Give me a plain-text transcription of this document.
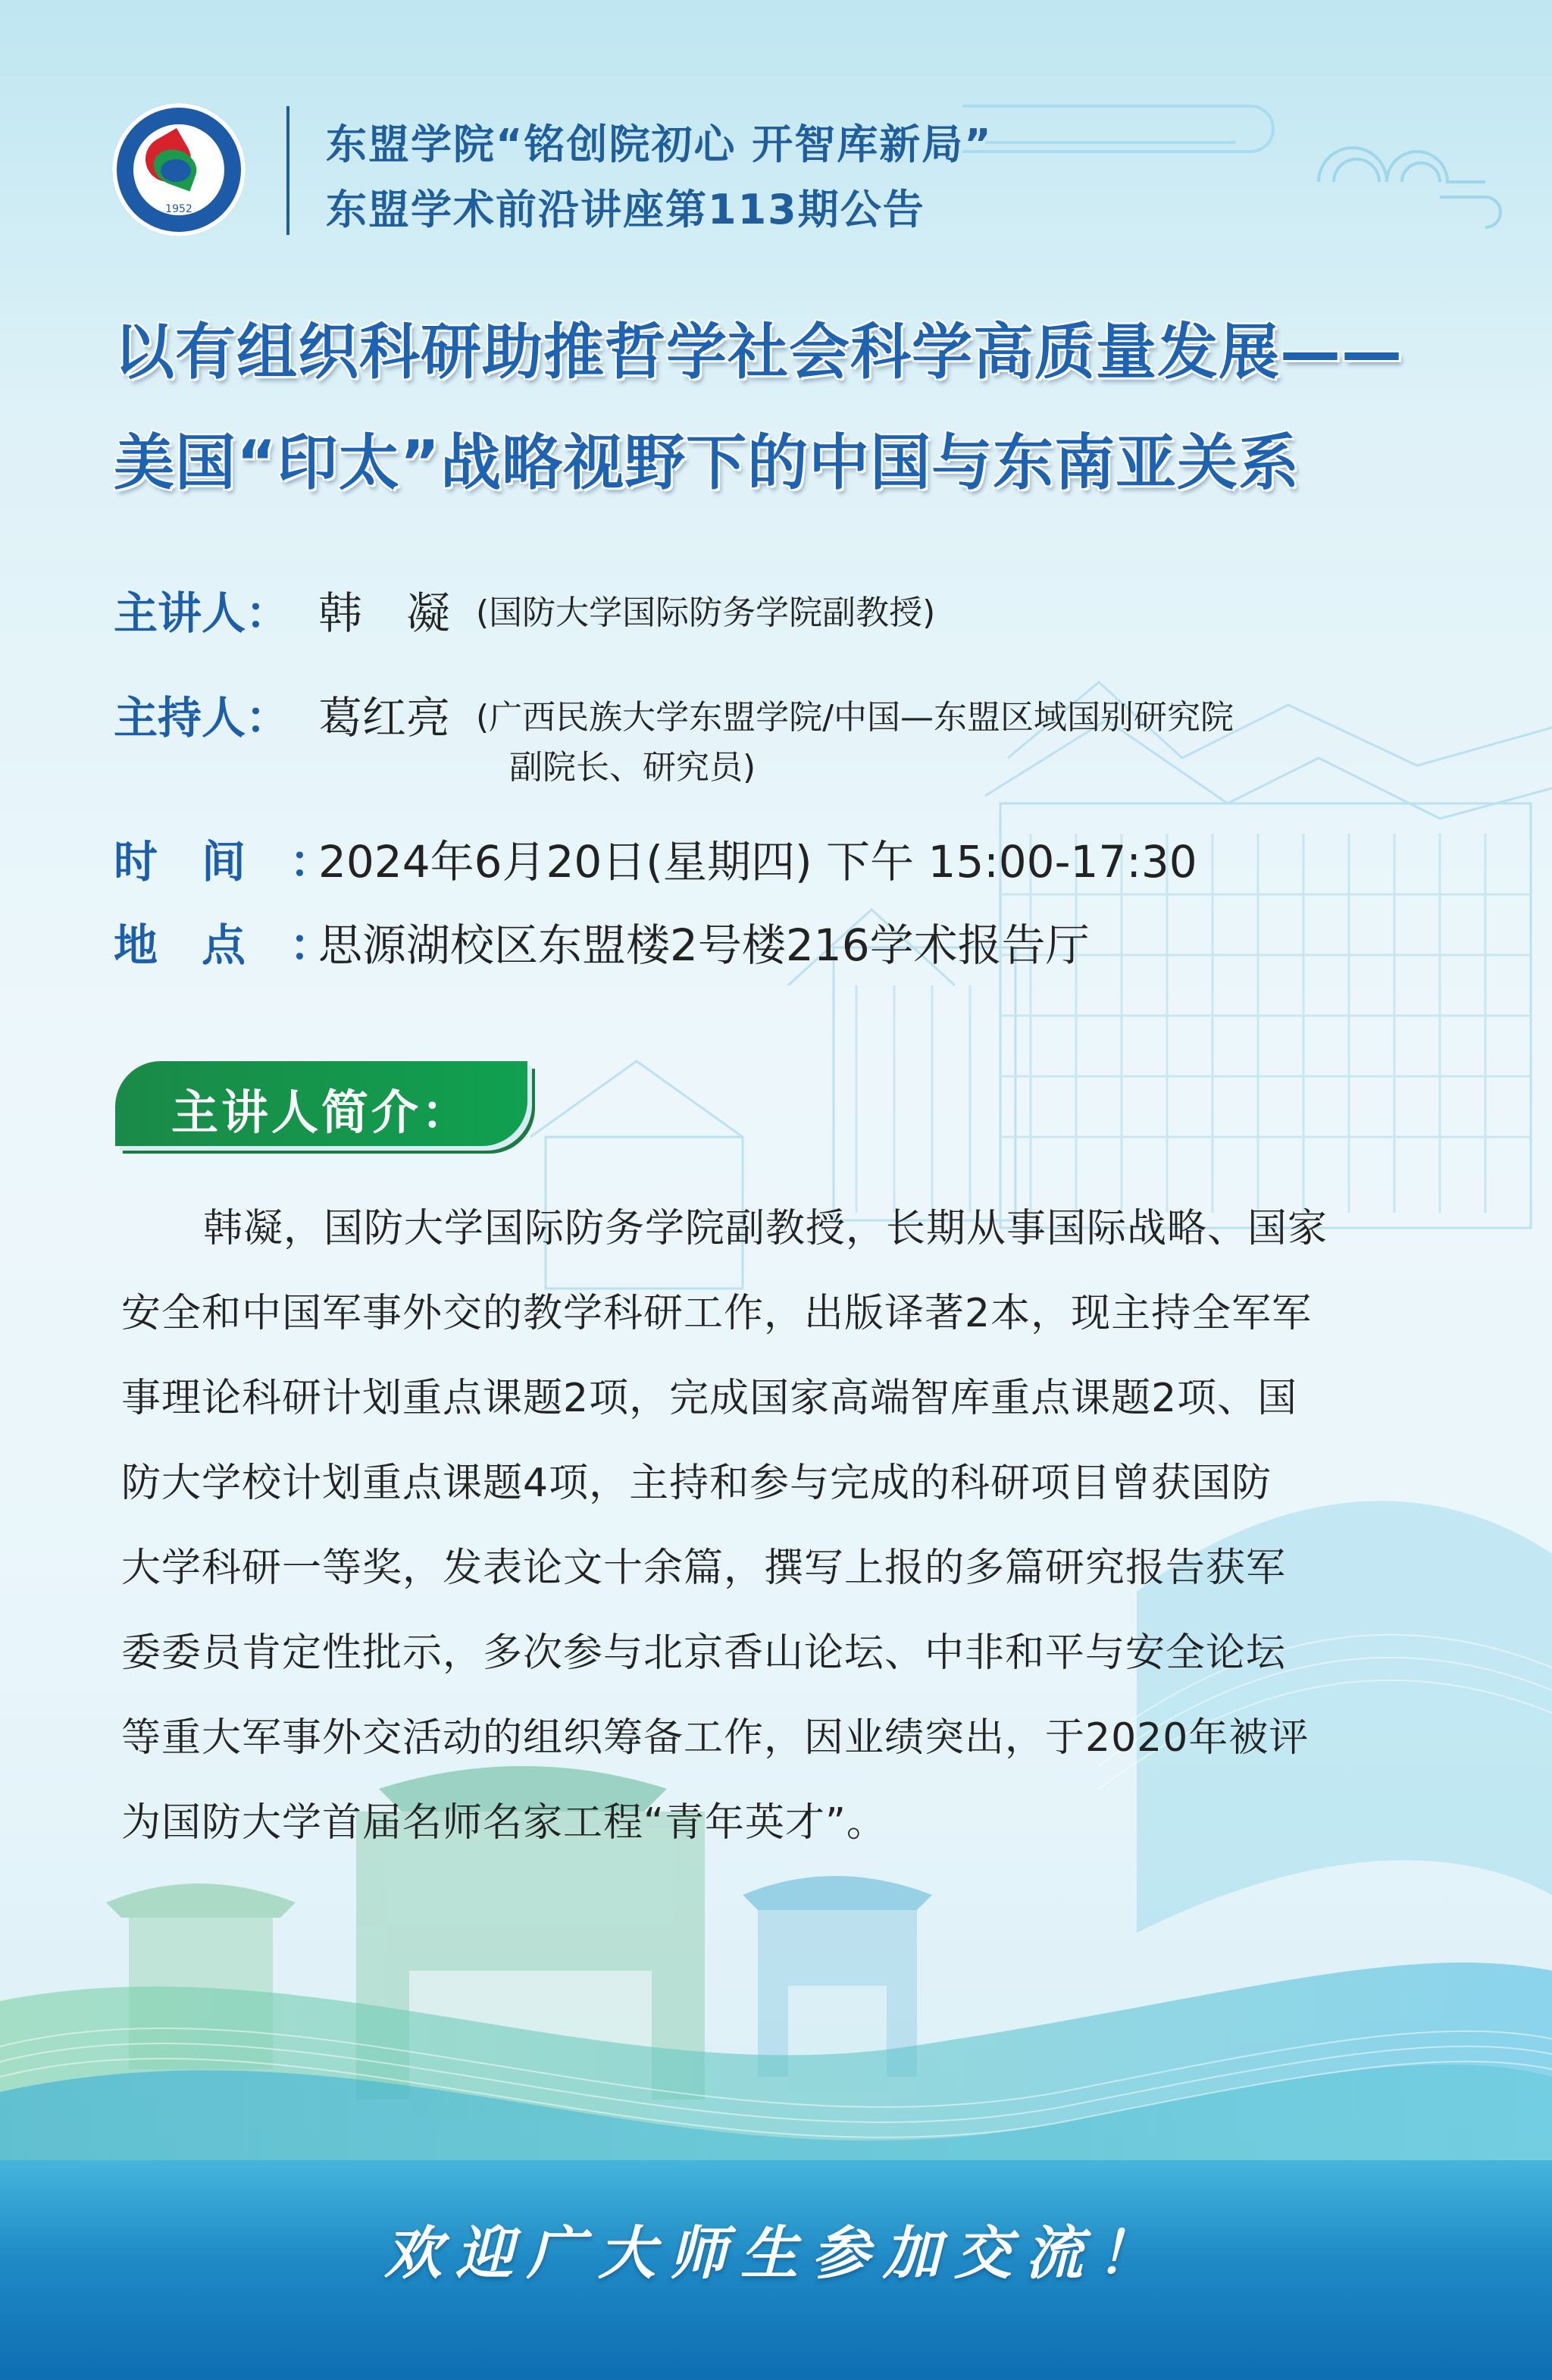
1952
东盟学院“铭创院初心 开智库新局”
东盟学术前沿讲座第113期公告
以有组织科研助推哲学社会科学高质量发展——
美国“印太”战略视野下的中国与东南亚关系
主讲人： 韩　凝 (国防大学国际防务学院副教授)
主持人： 葛红亮 (广西民族大学东盟学院/中国—东盟区域国别研究院
副院长、研究员)
时　间　：
2024年6月20日(星期四) 下午 15:00-17:30
地　点　：
思源湖校区东盟楼2号楼216学术报告厅
主讲人简介：
韩凝，国防大学国际防务学院副教授，长期从事国际战略、国家
安全和中国军事外交的教学科研工作，出版译著2本，现主持全军军
事理论科研计划重点课题2项，完成国家高端智库重点课题2项、国
防大学校计划重点课题4项，主持和参与完成的科研项目曾获国防
大学科研一等奖，发表论文十余篇，撰写上报的多篇研究报告获军
委委员肯定性批示，多次参与北京香山论坛、中非和平与安全论坛
等重大军事外交活动的组织筹备工作，因业绩突出，于2020年被评
为国防大学首届名师名家工程“青年英才”。
欢迎广大师生参加交流！
